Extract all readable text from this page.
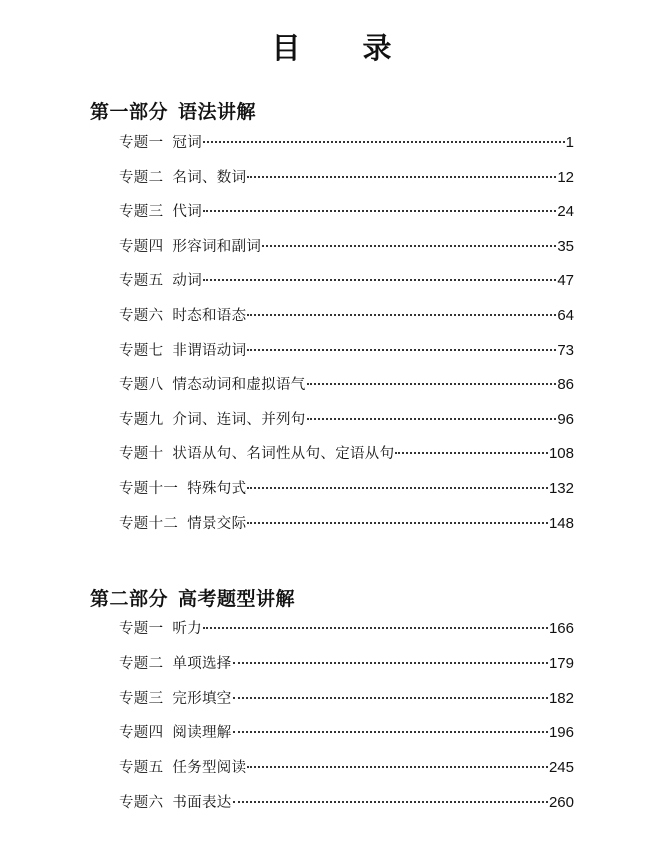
目 录
第一部分 语法讲解
专题一 冠词	1
专题二 名词、数词	12
专题三 代词	24
专题四 形容词和副词	35
专题五 动词	47
专题六 时态和语态	64
专题七 非谓语动词	73
专题八 情态动词和虚拟语气	86
专题九 介词、连词、并列句	96
专题十 状语从句、名词性从句、定语从句	108
专题十一 特殊句式	132
专题十二 情景交际	148
第二部分 高考题型讲解
专题一 听力	166
专题二 单项选择	179
专题三 完形填空	182
专题四 阅读理解	196
专题五 任务型阅读	245
专题六 书面表达	260
